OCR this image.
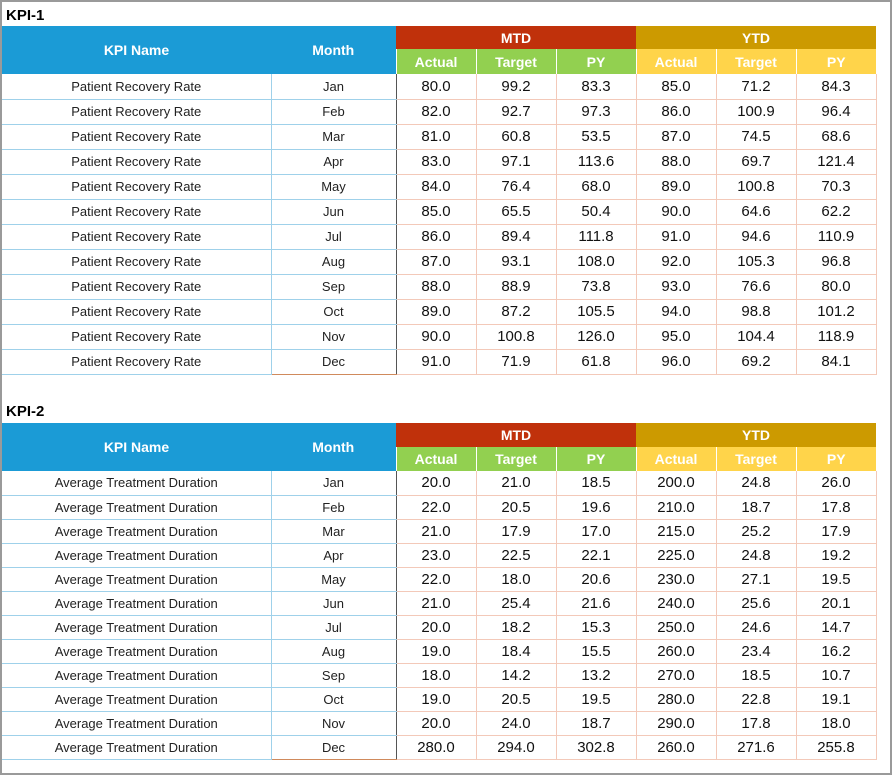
KPI-1
KPI Name	Month	MTD			YTD		
		Actual	Target	PY	Actual	Target	PY
Patient Recovery Rate	Jan	80.0	99.2	83.3	85.0	71.2	84.3
Patient Recovery Rate	Feb	82.0	92.7	97.3	86.0	100.9	96.4
Patient Recovery Rate	Mar	81.0	60.8	53.5	87.0	74.5	68.6
Patient Recovery Rate	Apr	83.0	97.1	113.6	88.0	69.7	121.4
Patient Recovery Rate	May	84.0	76.4	68.0	89.0	100.8	70.3
Patient Recovery Rate	Jun	85.0	65.5	50.4	90.0	64.6	62.2
Patient Recovery Rate	Jul	86.0	89.4	111.8	91.0	94.6	110.9
Patient Recovery Rate	Aug	87.0	93.1	108.0	92.0	105.3	96.8
Patient Recovery Rate	Sep	88.0	88.9	73.8	93.0	76.6	80.0
Patient Recovery Rate	Oct	89.0	87.2	105.5	94.0	98.8	101.2
Patient Recovery Rate	Nov	90.0	100.8	126.0	95.0	104.4	118.9
Patient Recovery Rate	Dec	91.0	71.9	61.8	96.0	69.2	84.1
KPI-2
KPI Name	Month	MTD			YTD		
		Actual	Target	PY	Actual	Target	PY
Average Treatment Duration	Jan	20.0	21.0	18.5	200.0	24.8	26.0
Average Treatment Duration	Feb	22.0	20.5	19.6	210.0	18.7	17.8
Average Treatment Duration	Mar	21.0	17.9	17.0	215.0	25.2	17.9
Average Treatment Duration	Apr	23.0	22.5	22.1	225.0	24.8	19.2
Average Treatment Duration	May	22.0	18.0	20.6	230.0	27.1	19.5
Average Treatment Duration	Jun	21.0	25.4	21.6	240.0	25.6	20.1
Average Treatment Duration	Jul	20.0	18.2	15.3	250.0	24.6	14.7
Average Treatment Duration	Aug	19.0	18.4	15.5	260.0	23.4	16.2
Average Treatment Duration	Sep	18.0	14.2	13.2	270.0	18.5	10.7
Average Treatment Duration	Oct	19.0	20.5	19.5	280.0	22.8	19.1
Average Treatment Duration	Nov	20.0	24.0	18.7	290.0	17.8	18.0
Average Treatment Duration	Dec	280.0	294.0	302.8	260.0	271.6	255.8
